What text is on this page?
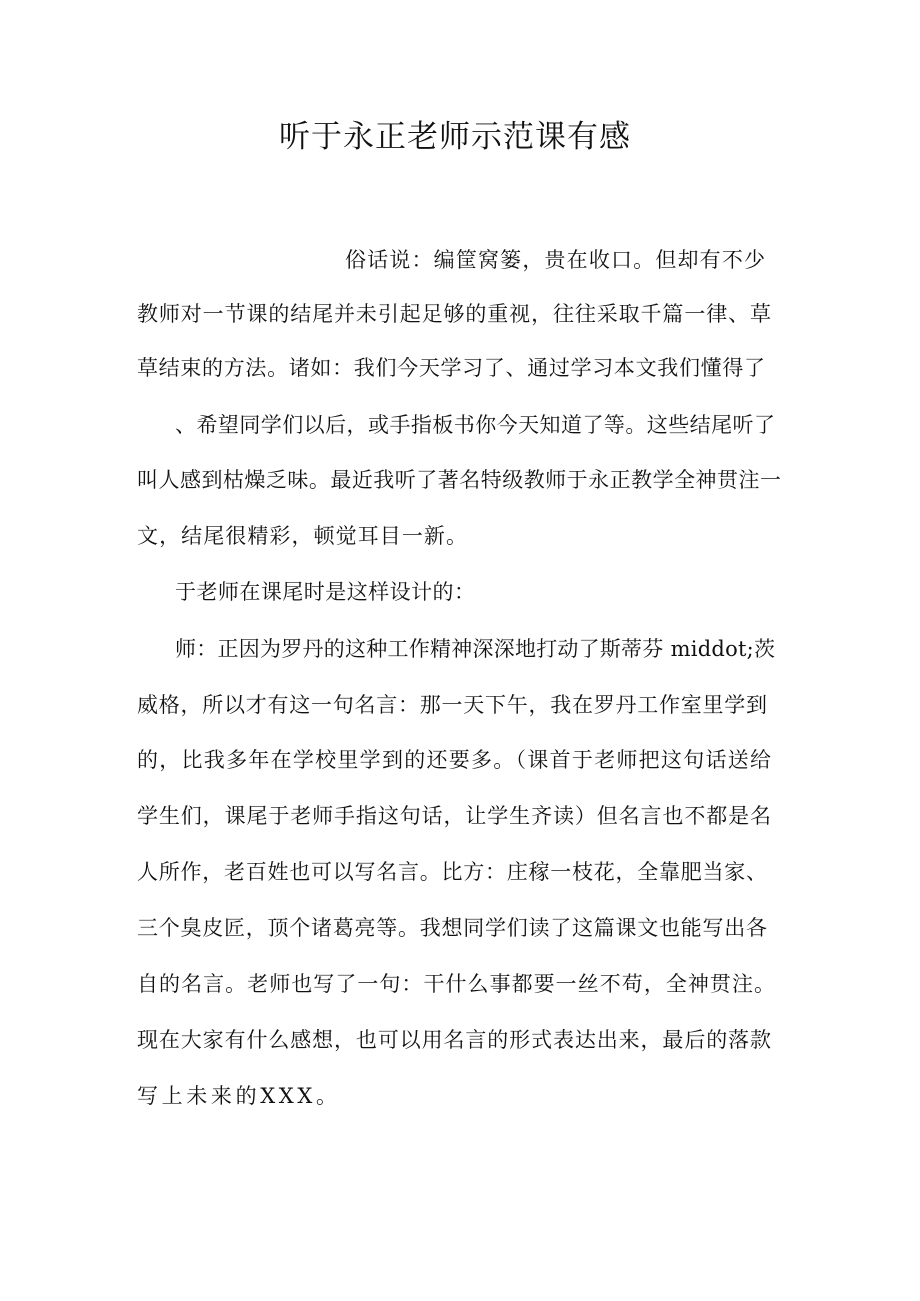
听于永正老师示范课有感

俗话说：编筐窝篓，贵在收口。但却有不少

教师对一节课的结尾并未引起足够的重视，往往采取千篇一律、草

草结束的方法。诸如：我们今天学习了、通过学习本文我们懂得了

、希望同学们以后，或手指板书你今天知道了等。这些结尾听了

叫人感到枯燥乏味。最近我听了著名特级教师于永正教学全神贯注一

文，结尾很精彩，顿觉耳目一新。

于老师在课尾时是这样设计的：

师：正因为罗丹的这种工作精神深深地打动了斯蒂芬 middot;茨

威格，所以才有这一句名言：那一天下午，我在罗丹工作室里学到

的，比我多年在学校里学到的还要多。（课首于老师把这句话送给

学生们，课尾于老师手指这句话，让学生齐读）但名言也不都是名

人所作，老百姓也可以写名言。比方：庄稼一枝花，全靠肥当家、

三个臭皮匠，顶个诸葛亮等。我想同学们读了这篇课文也能写出各

自的名言。老师也写了一句：干什么事都要一丝不苟，全神贯注。

现在大家有什么感想，也可以用名言的形式表达出来，最后的落款

写上未来的XXX。
